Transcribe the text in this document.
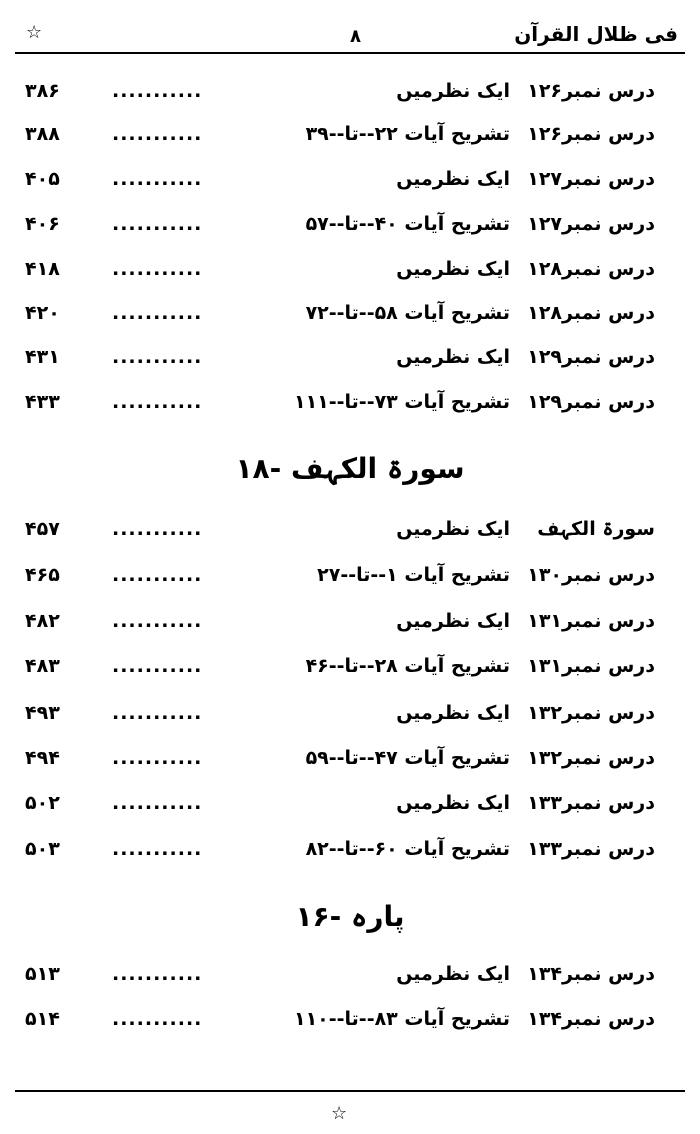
فی ظلال القرآن
۸
☆
درس نمبر۱۲۶
ایک نظرمیں
...........
۳۸۶
درس نمبر۱۲۶
تشریح آیات ۲۲--تا--۳۹
...........
۳۸۸
درس نمبر۱۲۷
ایک نظرمیں
...........
۴۰۵
درس نمبر۱۲۷
تشریح آیات ۴۰--تا--۵۷
...........
۴۰۶
درس نمبر۱۲۸
ایک نظرمیں
...........
۴۱۸
درس نمبر۱۲۸
تشریح آیات ۵۸--تا--۷۲
...........
۴۲۰
درس نمبر۱۲۹
ایک نظرمیں
...........
۴۳۱
درس نمبر۱۲۹
تشریح آیات ۷۳--تا--۱۱۱
...........
۴۳۳
سورۃ الکہف -۱۸
سورۃ الکہف
ایک نظرمیں
...........
۴۵۷
درس نمبر۱۳۰
تشریح آیات ۱--تا--۲۷
...........
۴۶۵
درس نمبر۱۳۱
ایک نظرمیں
...........
۴۸۲
درس نمبر۱۳۱
تشریح آیات ۲۸--تا--۴۶
...........
۴۸۳
درس نمبر۱۳۲
ایک نظرمیں
...........
۴۹۳
درس نمبر۱۳۲
تشریح آیات ۴۷--تا--۵۹
...........
۴۹۴
درس نمبر۱۳۳
ایک نظرمیں
...........
۵۰۲
درس نمبر۱۳۳
تشریح آیات ۶۰--تا--۸۲
...........
۵۰۳
پارہ -۱۶
درس نمبر۱۳۴
ایک نظرمیں
...........
۵۱۳
درس نمبر۱۳۴
تشریح آیات ۸۳--تا--۱۱۰
...........
۵۱۴
☆
